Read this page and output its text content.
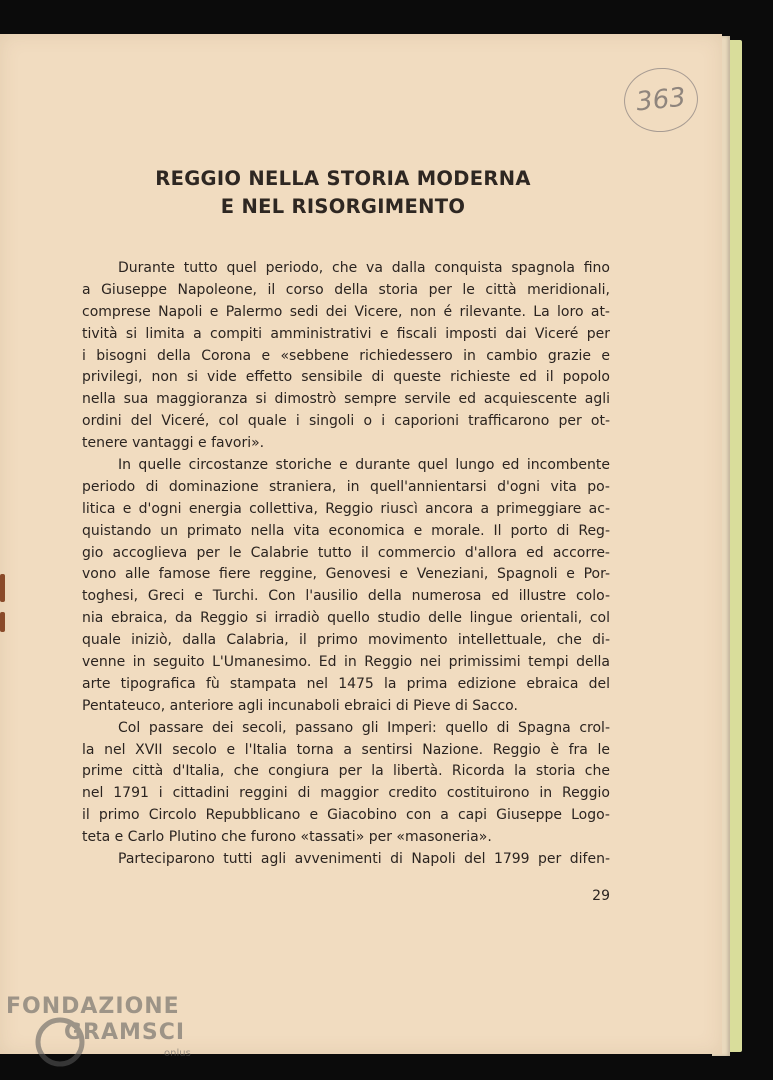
363
REGGIO NELLA STORIA MODERNA
E NEL RISORGIMENTO
Durante tutto quel periodo, che va dalla conquista spagnola fino
a Giuseppe Napoleone, il corso della storia per le città meridionali,
comprese Napoli e Palermo sedi dei Vicere, non é rilevante. La loro at-
tività si limita a compiti amministrativi e fiscali imposti dai Viceré per
i bisogni della Corona e «sebbene richiedessero in cambio grazie e
privilegi, non si vide effetto sensibile di queste richieste ed il popolo
nella sua maggioranza si dimostrò sempre servile ed acquiescente agli
ordini del Viceré, col quale i singoli o i caporioni trafficarono per ot-
tenere vantaggi e favori».
In quelle circostanze storiche e durante quel lungo ed incombente
periodo di dominazione straniera, in quell'annientarsi d'ogni vita po-
litica e d'ogni energia collettiva, Reggio riuscì ancora a primeggiare ac-
quistando un primato nella vita economica e morale. Il porto di Reg-
gio accoglieva per le Calabrie tutto il commercio d'allora ed accorre-
vono alle famose fiere reggine, Genovesi e Veneziani, Spagnoli e Por-
toghesi, Greci e Turchi. Con l'ausilio della numerosa ed illustre colo-
nia ebraica, da Reggio si irradiò quello studio delle lingue orientali, col
quale iniziò, dalla Calabria, il primo movimento intellettuale, che di-
venne in seguito L'Umanesimo. Ed in Reggio nei primissimi tempi della
arte tipografica fù stampata nel 1475 la prima edizione ebraica del
Pentateuco, anteriore agli incunaboli ebraici di Pieve di Sacco.
Col passare dei secoli, passano gli Imperi: quello di Spagna crol-
la nel XVII secolo e l'Italia torna a sentirsi Nazione. Reggio è fra le
prime città d'Italia, che congiura per la libertà. Ricorda la storia che
nel 1791 i cittadini reggini di maggior credito costituirono in Reggio
il primo Circolo Repubblicano e Giacobino con a capi Giuseppe Logo-
teta e Carlo Plutino che furono «tassati» per «masoneria».
Parteciparono tutti agli avvenimenti di Napoli del 1799 per difen-
29
FONDAZIONE
GRAMSCI
onlus
